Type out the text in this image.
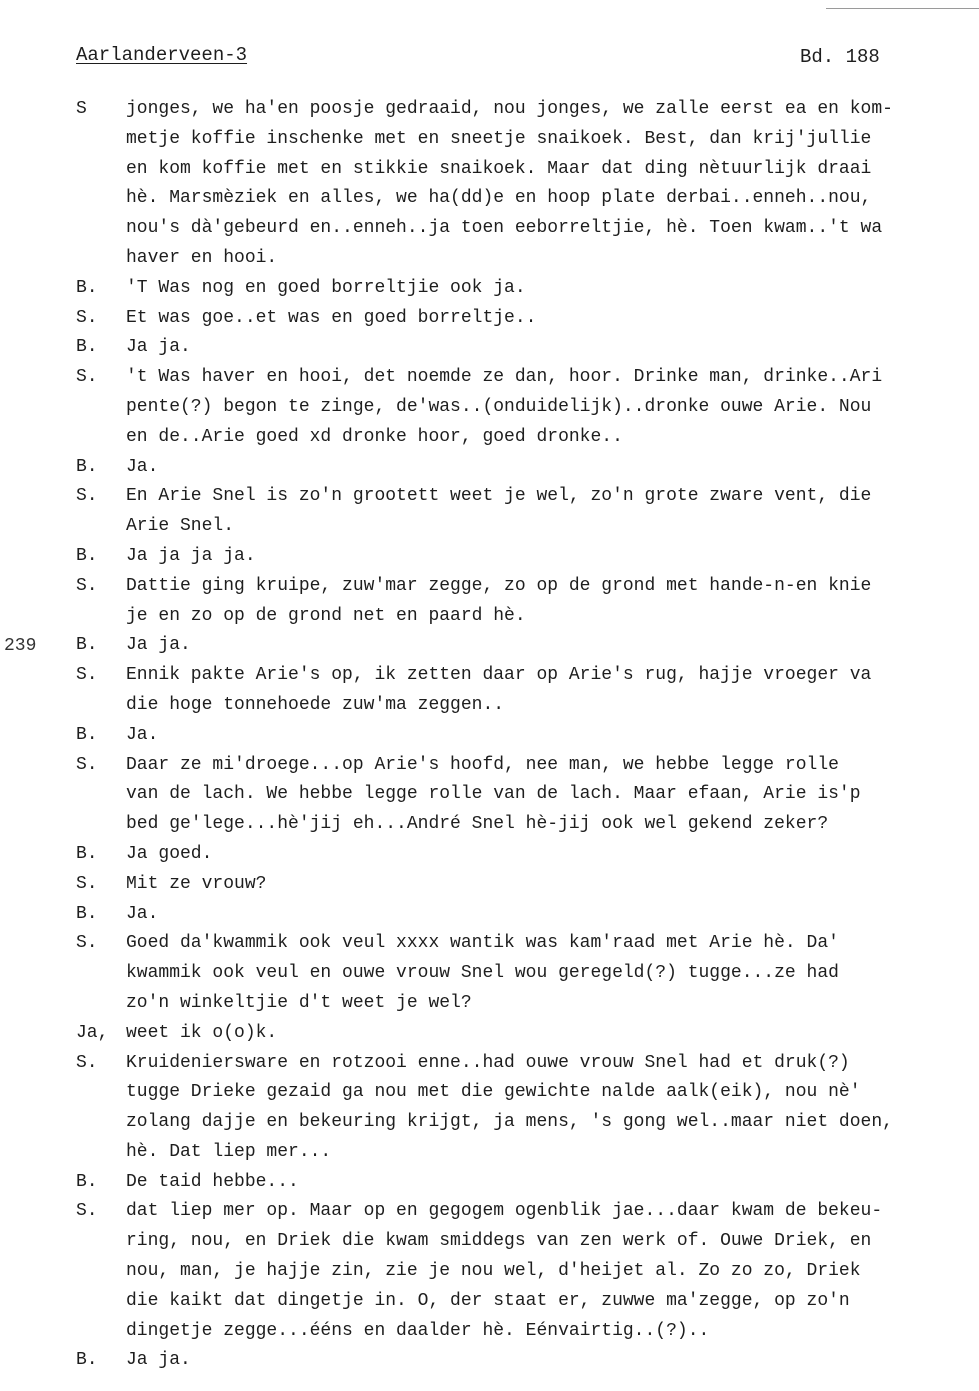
Aarlanderveen-3	Bd. 188
239
S jonges, we ha'en poosje gedraaid, nou jonges, we zalle eerst ea en kom-
metje koffie inschenke met en sneetje snaikoek. Best, dan krij'jullie
en kom koffie met en stikkie snaikoek. Maar dat ding nètuurlijk draai
hè. Marsmèziek en alles, we ha(dd)e en hoop plate derbai..enneh..nou,
nou's dà'gebeurd en..enneh..ja toen eeborreltjie, hè. Toen kwam..'t wa
haver en hooi.
B. 'T Was nog en goed borreltjie ook ja.
S. Et was goe..et was en goed borreltje..
B. Ja ja.
S. 't Was haver en hooi, det noemde ze dan, hoor. Drinke man, drinke..Ari
pente(?) begon te zinge, de'was..(onduidelijk)..dronke ouwe Arie. Nou
en de..Arie goed xd dronke hoor, goed dronke..
B. Ja.
S. En Arie Snel is zo'n grootett weet je wel, zo'n grote zware vent, die
Arie Snel.
B. Ja ja ja ja.
S. Dattie ging kruipe, zuw'mar zegge, zo op de grond met hande-n-en knie
je en zo op de grond net en paard hè.
B. Ja ja.
S. Ennik pakte Arie's op, ik zetten daar op Arie's rug, hajje vroeger va
die hoge tonnehoede zuw'ma zeggen..
B. Ja.
S. Daar ze mi'droege...op Arie's hoofd, nee man, we hebbe legge rolle
van de lach. We hebbe legge rolle van de lach. Maar efaan, Arie is'p
bed ge'lege...hè'jij eh...André Snel hè-jij ook wel gekend zeker?
B. Ja goed.
S. Mit ze vrouw?
B. Ja.
S. Goed da'kwammik ook veul xxxx wantik was kam'raad met Arie hè. Da'
kwammik ook veul en ouwe vrouw Snel wou geregeld(?) tugge...ze had
zo'n winkeltjie d't weet je wel?
Ja, weet ik o(o)k.
S. Kruideniersware en rotzooi enne..had ouwe vrouw Snel had et druk(?)
tugge Drieke gezaid ga nou met die gewichte nalde aalk(eik), nou nè'
zolang dajje en bekeuring krijgt, ja mens, 's gong wel..maar niet doen,
hè. Dat liep mer...
B. De taid hebbe...
S. dat liep mer op. Maar op en gegogem ogenblik jae...daar kwam de bekeu-
ring, nou, en Driek die kwam smiddegs van zen werk of. Ouwe Driek, en
nou, man, je hajje zin, zie je nou wel, d'heijet al. Zo zo zo, Driek
die kaikt dat dingetje in. O, der staat er, zuwwe ma'zegge, op zo'n
dingetje zegge...ééns en daalder hè. Eénvairtig..(?)..
B. Ja ja.
